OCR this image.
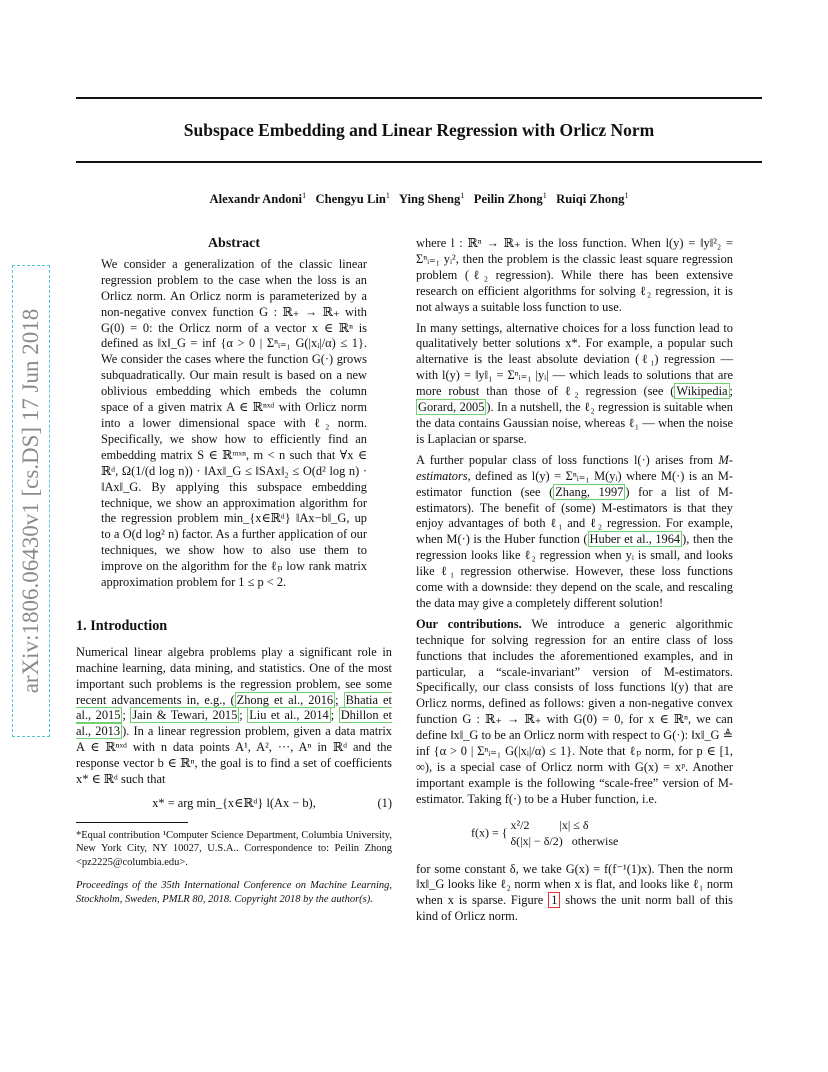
Subspace Embedding and Linear Regression with Orlicz Norm
Alexandr Andoni$^1$ Chengyu Lin$^1$ Ying Sheng$^1$ Peilin Zhong$^1$ Ruiqi Zhong$^1$
arXiv:1806.06430v1 [cs.DS] 17 Jun 2018

Abstract

We consider a generalization of the classic linear regression problem to the case when the loss is an Orlicz norm. An Orlicz norm is parameterized by a non-negative convex function G : ℝ₊ → ℝ₊ with G(0) = 0: the Orlicz norm of a vector x ∈ ℝⁿ is defined as ‖x‖_G = inf {α > 0 | Σⁿᵢ₌₁ G(|xᵢ|/α) ≤ 1}. We consider the cases where the function G(·) grows subquadratically. Our main result is based on a new oblivious embedding which embeds the column space of a given matrix A ∈ ℝⁿˣᵈ with Orlicz norm into a lower dimensional space with ℓ₂ norm. Specifically, we show how to efficiently find an embedding matrix S ∈ ℝᵐˣⁿ, m < n such that ∀x ∈ ℝᵈ, Ω(1/(d log n)) · ‖Ax‖_G ≤ ‖SAx‖₂ ≤ O(d² log n) · ‖Ax‖_G. By applying this subspace embedding technique, we show an approximation algorithm for the regression problem min_{x∈ℝᵈ} ‖Ax−b‖_G, up to a O(d log² n) factor. As a further application of our techniques, we show how to also use them to improve on the algorithm for the ℓₚ low rank matrix approximation problem for 1 ≤ p < 2.

1. Introduction

Numerical linear algebra problems play a significant role in machine learning, data mining, and statistics. One of the most important such problems is the regression problem, see some recent advancements in, e.g., ( Zhong et al., 2016 ; Bhatia et al., 2015 ; Jain & Tewari, 2015 ; Liu et al., 2014 ; Dhillon et al., 2013 ). In a linear regression problem, given a data matrix A ∈ ℝⁿˣᵈ with n data points A¹, A², ···, Aⁿ in ℝᵈ and the response vector b ∈ ℝⁿ, the goal is to find a set of coefficients x* ∈ ℝᵈ such that

x* = arg min_{x∈ℝᵈ} l(Ax − b),	(1)

*Equal contribution ¹Computer Science Department, Columbia University, New York City, NY 10027, U.S.A.. Correspondence to: Peilin Zhong <pz2225@columbia.edu>.

Proceedings of the 35th International Conference on Machine Learning, Stockholm, Sweden, PMLR 80, 2018. Copyright 2018 by the author(s).

where l : ℝⁿ → ℝ₊ is the loss function. When l(y) = ‖y‖²₂ = Σⁿᵢ₌₁ yᵢ², then the problem is the classic least square regression problem (ℓ₂ regression). While there has been extensive research on efficient algorithms for solving ℓ₂ regression, it is not always a suitable loss function to use.

In many settings, alternative choices for a loss function lead to qualitatively better solutions x*. For example, a popular such alternative is the least absolute deviation (ℓ₁) regression — with l(y) = ‖y‖₁ = Σⁿᵢ₌₁ |yᵢ| — which leads to solutions that are more robust than those of ℓ₂ regression (see ( Wikipedia ; Gorard, 2005 ). In a nutshell, the ℓ₂ regression is suitable when the data contains Gaussian noise, whereas ℓ₁ — when the noise is Laplacian or sparse.

A further popular class of loss functions l(·) arises from M-estimators, defined as l(y) = Σⁿᵢ₌₁ M(yᵢ) where M(·) is an M-estimator function (see ( Zhang, 1997 ) for a list of M-estimators). The benefit of (some) M-estimators is that they enjoy advantages of both ℓ₁ and ℓ₂ regression. For example, when M(·) is the Huber function ( Huber et al., 1964 ), then the regression looks like ℓ₂ regression when yᵢ is small, and looks like ℓ₁ regression otherwise. However, these loss functions come with a downside: they depend on the scale, and rescaling the data may give a completely different solution!

Our contributions. We introduce a generic algorithmic technique for solving regression for an entire class of loss functions that includes the aforementioned examples, and in particular, a “scale-invariant” version of M-estimators. Specifically, our class consists of loss functions l(y) that are Orlicz norms, defined as follows: given a non-negative convex function G : ℝ₊ → ℝ₊ with G(0) = 0, for x ∈ ℝⁿ, we can define ‖x‖_G to be an Orlicz norm with respect to G(·): ‖x‖_G ≜ inf {α > 0 | Σⁿᵢ₌₁ G(|xᵢ|/α) ≤ 1}. Note that ℓₚ norm, for p ∈ [1, ∞), is a special case of Orlicz norm with G(x) = xᵖ. Another important example is the following “scale-free” version of M-estimator. Taking f(·) to be a Huber function, i.e.

f(x) = { x²/2          |x| ≤ δ
δ(|x| − δ/2)   otherwise

for some constant δ, we take G(x) = f(f⁻¹(1)x). Then the norm ‖x‖_G looks like ℓ₂ norm when x is flat, and looks like ℓ₁ norm when x is sparse. Figure 1 shows the unit norm ball of this kind of Orlicz norm.
